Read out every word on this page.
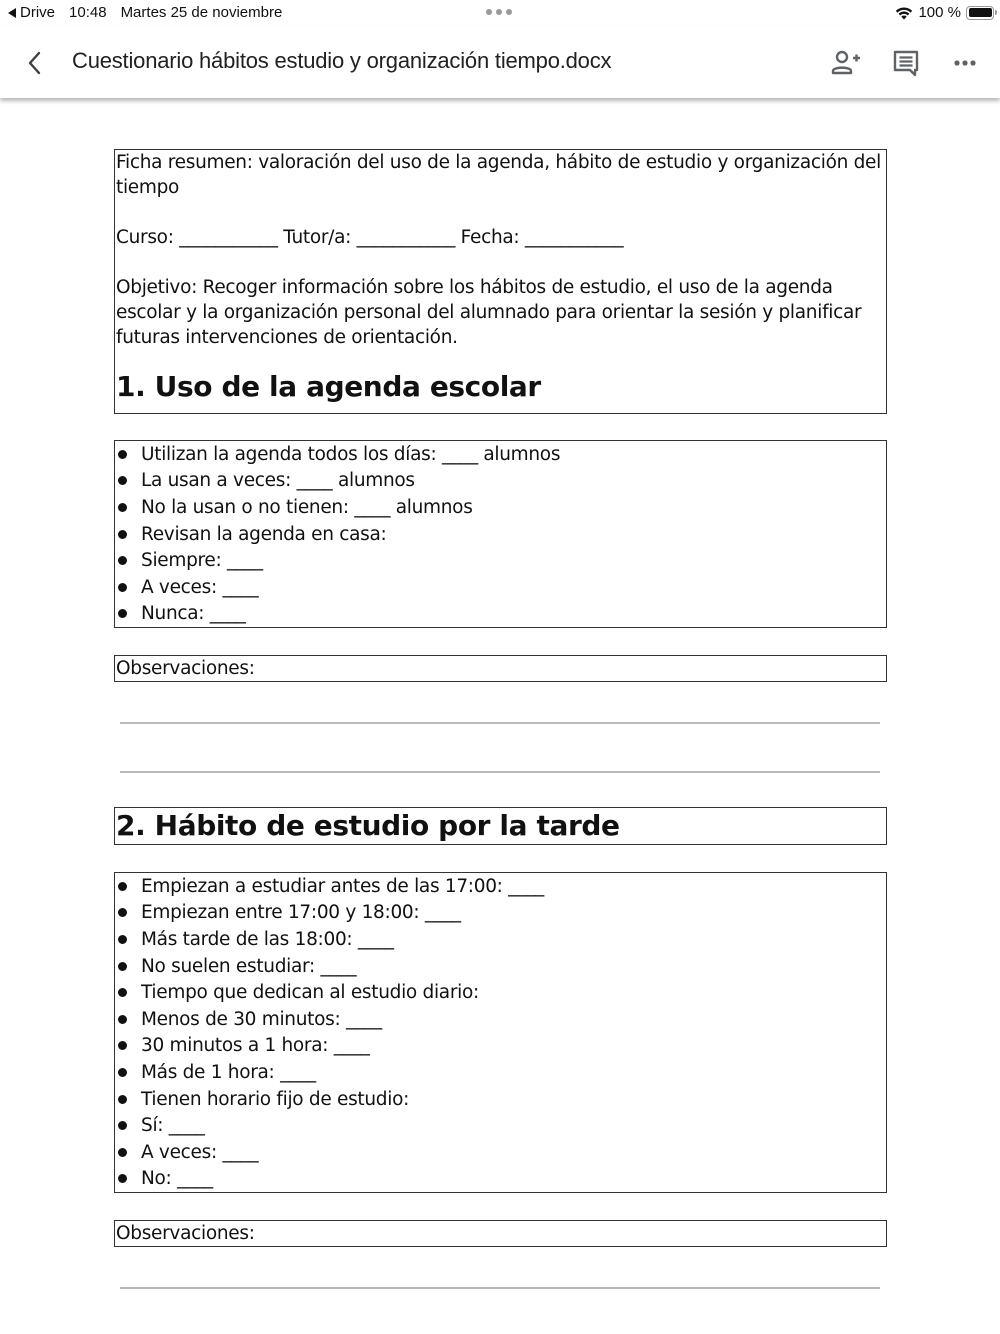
Drive 10:48 Martes 25 de noviembre	100 %
Cuestionario hábitos estudio y organización tiempo.docx
Ficha resumen: valoración del uso de la agenda, hábito de estudio y organización del tiempo
Curso: ___________ Tutor/a: ___________ Fecha: ___________
Objetivo: Recoger información sobre los hábitos de estudio, el uso de la agenda escolar y la organización personal del alumnado para orientar la sesión y planificar futuras intervenciones de orientación.
1. Uso de la agenda escolar
Utilizan la agenda todos los días: ____ alumnos
La usan a veces: ____ alumnos
No la usan o no tienen: ____ alumnos
Revisan la agenda en casa:
Siempre: ____
A veces: ____
Nunca: ____
Observaciones:
2. Hábito de estudio por la tarde
Empiezan a estudiar antes de las 17:00: ____
Empiezan entre 17:00 y 18:00: ____
Más tarde de las 18:00: ____
No suelen estudiar: ____
Tiempo que dedican al estudio diario:
Menos de 30 minutos: ____
30 minutos a 1 hora: ____
Más de 1 hora: ____
Tienen horario fijo de estudio:
Sí: ____
A veces: ____
No: ____
Observaciones:
